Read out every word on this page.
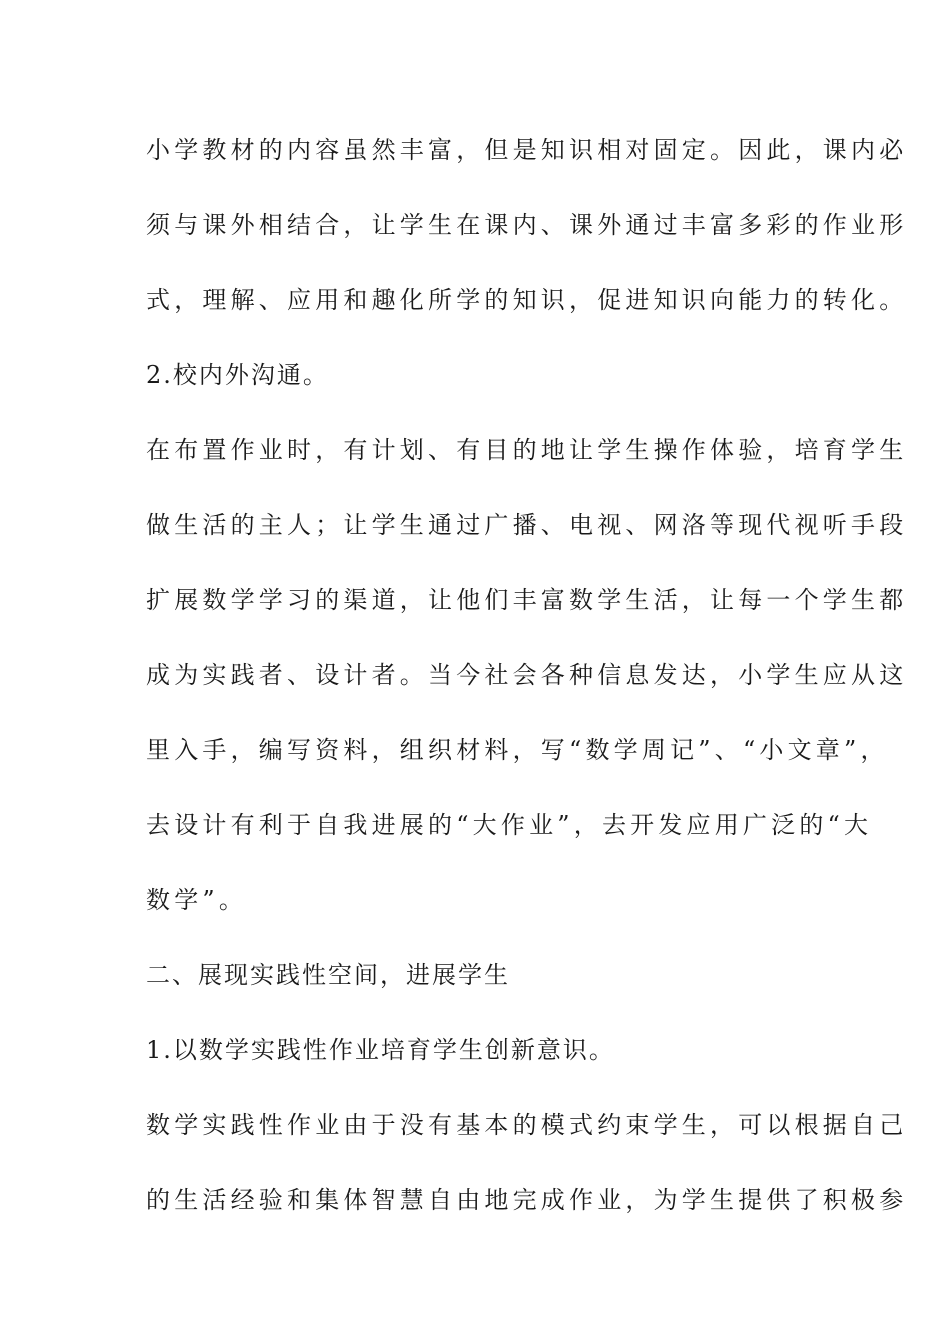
小学教材的内容虽然丰富，但是知识相对固定。因此，课内必
须与课外相结合，让学生在课内、课外通过丰富多彩的作业形
式，理解、应用和趣化所学的知识，促进知识向能力的转化。
2.校内外沟通。
在布置作业时，有计划、有目的地让学生操作体验，培育学生
做生活的主人；让学生通过广播、电视、网洛等现代视听手段
扩展数学学习的渠道，让他们丰富数学生活，让每一个学生都
成为实践者、设计者。当今社会各种信息发达，小学生应从这
里入手，编写资料，组织材料，写“数学周记”、“小文章”，
去设计有利于自我进展的“大作业”，去开发应用广泛的“大
数学”。
二、展现实践性空间，进展学生
1.以数学实践性作业培育学生创新意识。
数学实践性作业由于没有基本的模式约束学生，可以根据自己
的生活经验和集体智慧自由地完成作业，为学生提供了积极参
